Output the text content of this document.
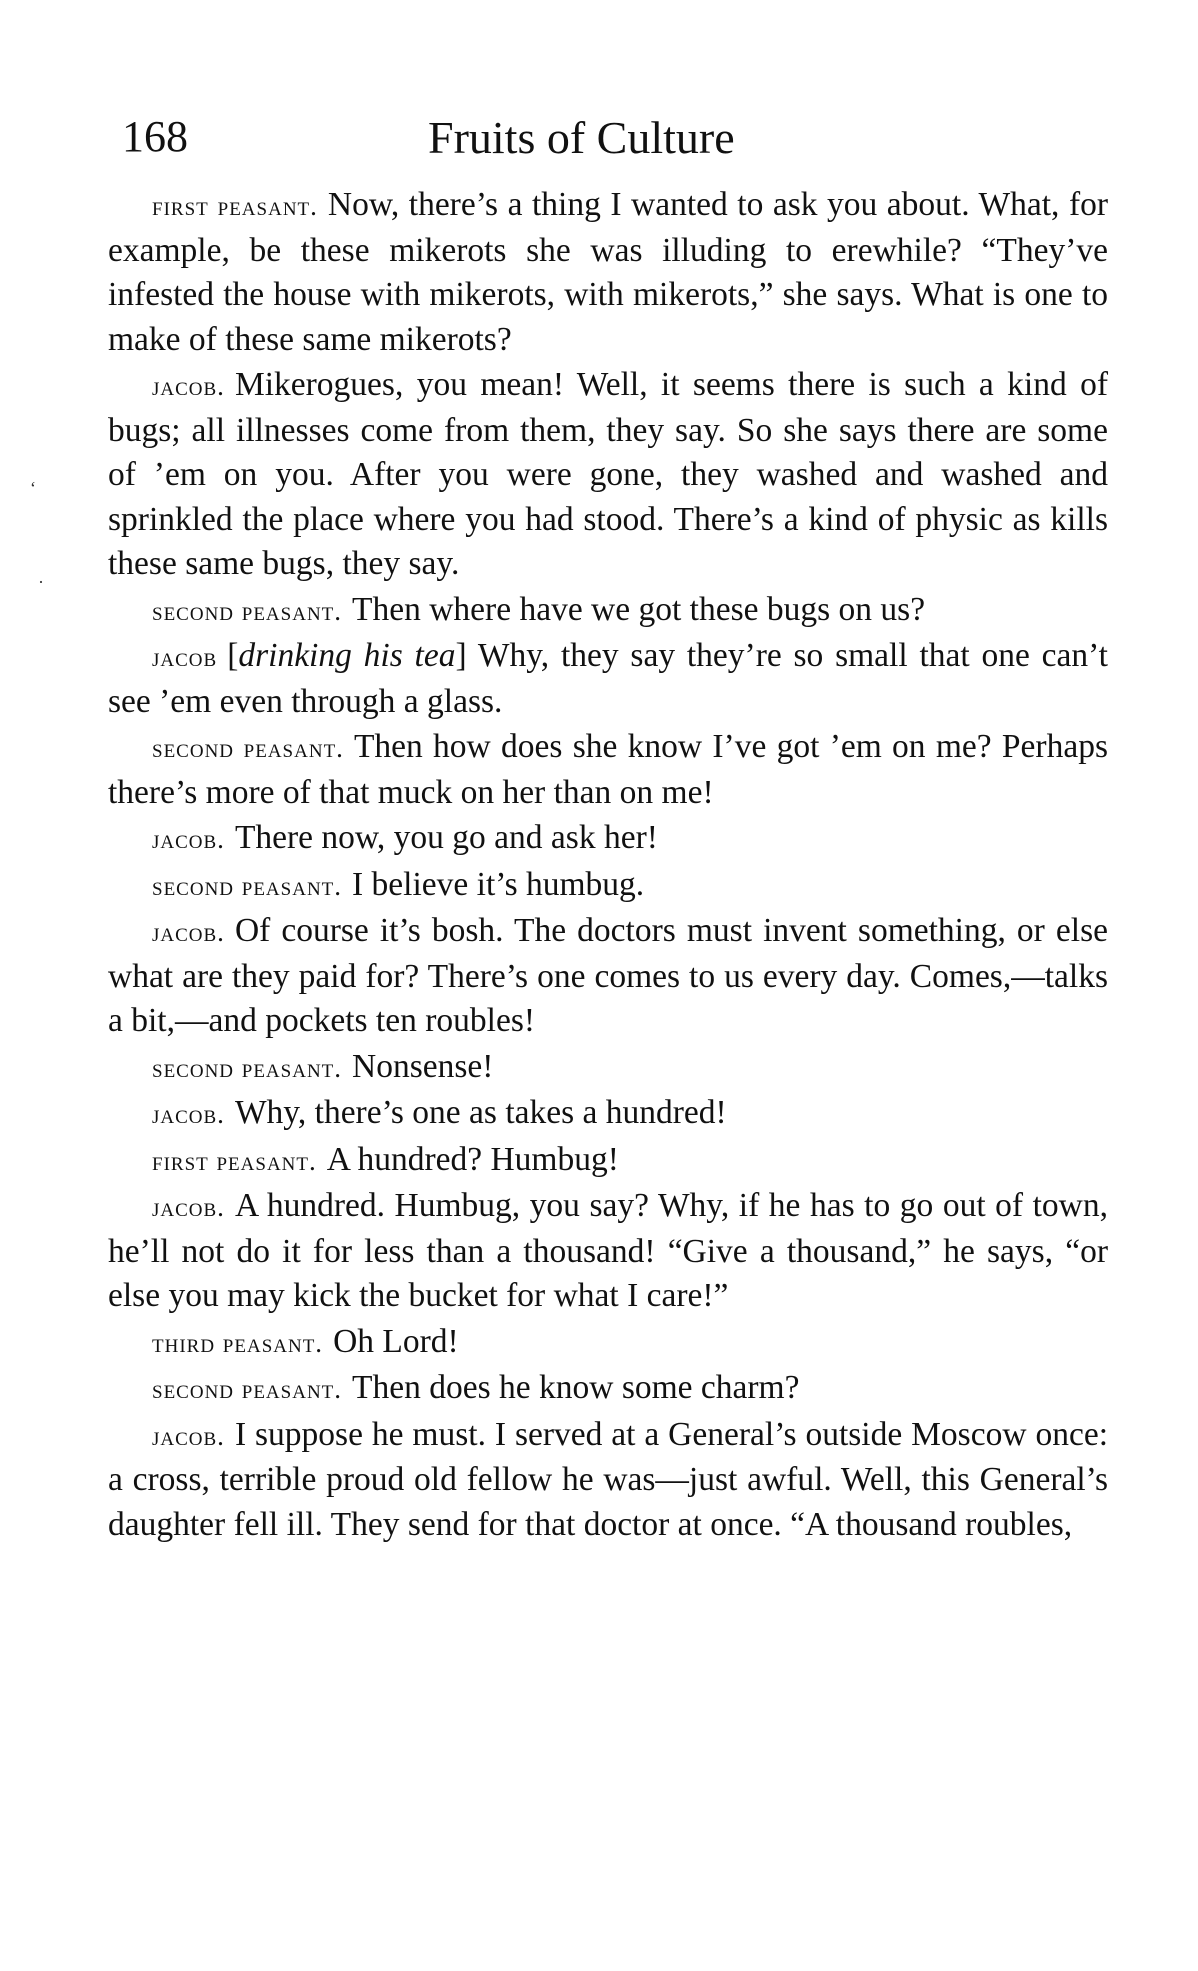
168	Fruits of Culture

first peasant. Now, there’s a thing I wanted to ask you about. What, for example, be these mikerots she was illuding to erewhile? “They’ve infested the house with mikerots, with mikerots,” she says. What is one to make of these same mikerots?

jacob. Mikerogues, you mean! Well, it seems there is such a kind of bugs; all illnesses come from them, they say. So she says there are some of ’em on you. After you were gone, they washed and washed and sprinkled the place where you had stood. There’s a kind of physic as kills these same bugs, they say.

second peasant. Then where have we got these bugs on us?

jacob [drinking his tea] Why, they say they’re so small that one can’t see ’em even through a glass.

second peasant. Then how does she know I’ve got ’em on me? Perhaps there’s more of that muck on her than on me!

jacob. There now, you go and ask her!

second peasant. I believe it’s humbug.

jacob. Of course it’s bosh. The doctors must invent something, or else what are they paid for? There’s one comes to us every day. Comes,—talks a bit,—and pockets ten roubles!

second peasant. Nonsense!

jacob. Why, there’s one as takes a hundred!

first peasant. A hundred? Humbug!

jacob. A hundred. Humbug, you say? Why, if he has to go out of town, he’ll not do it for less than a thousand! “Give a thousand,” he says, “or else you may kick the bucket for what I care!”

third peasant. Oh Lord!

second peasant. Then does he know some charm?

jacob. I suppose he must. I served at a General’s outside Moscow once: a cross, terrible proud old fellow he was—just awful. Well, this General’s daughter fell ill. They send for that doctor at once. “A thousand roubles,

‘
·
